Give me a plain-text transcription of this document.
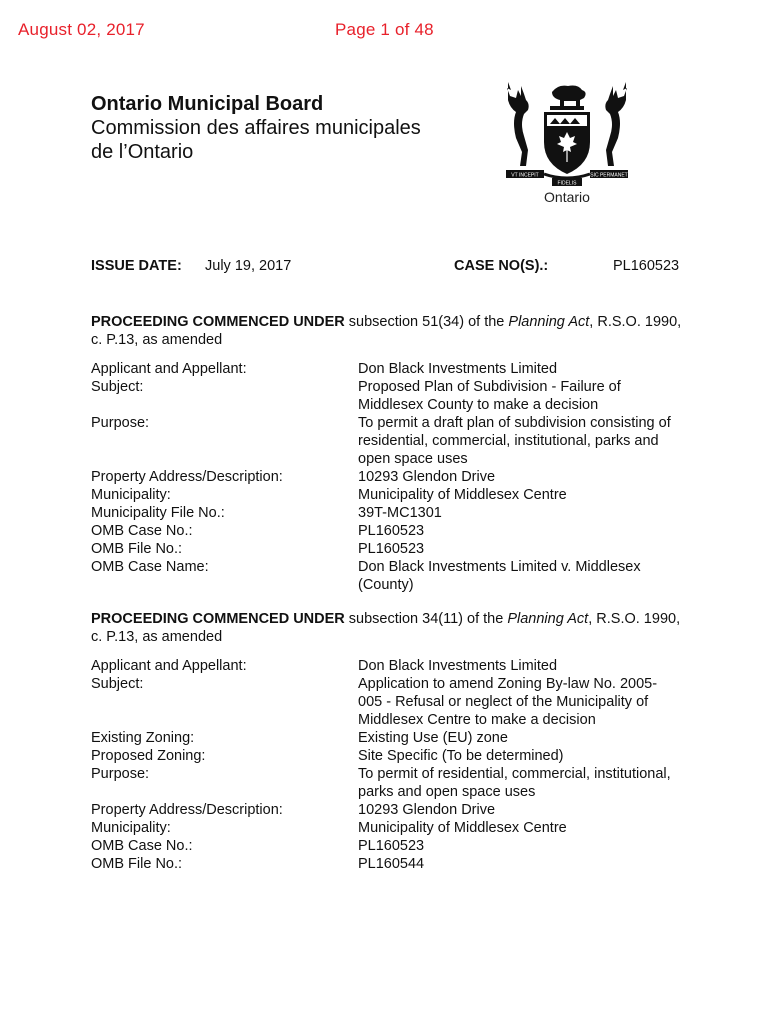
August 02, 2017	Page 1 of 48
Ontario Municipal Board
Commission des affaires municipales
de l’Ontario
VT INCEPIT	SIC PERMANET
FIDELIS
Ontario
ISSUE DATE: July 19, 2017	CASE NO(S).:	PL160523
PROCEEDING COMMENCED UNDER subsection 51(34) of the Planning Act, R.S.O. 1990, c. P.13, as amended
Applicant and Appellant:	Don Black Investments Limited
Subject:	Proposed Plan of Subdivision - Failure of Middlesex County to make a decision
Purpose:	To permit a draft plan of subdivision consisting of residential, commercial, institutional, parks and open space uses
Property Address/Description:	10293 Glendon Drive
Municipality:	Municipality of Middlesex Centre
Municipality File No.:	39T-MC1301
OMB Case No.:	PL160523
OMB File No.:	PL160523
OMB Case Name:	Don Black Investments Limited v. Middlesex (County)
PROCEEDING COMMENCED UNDER subsection 34(11) of the Planning Act, R.S.O. 1990, c. P.13, as amended
Applicant and Appellant:	Don Black Investments Limited
Subject:	Application to amend Zoning By-law No. 2005-005 - Refusal or neglect of the Municipality of Middlesex Centre to make a decision
Existing Zoning:	Existing Use (EU) zone
Proposed Zoning:	Site Specific (To be determined)
Purpose:	To permit of residential, commercial, institutional, parks and open space uses
Property Address/Description:	10293 Glendon Drive
Municipality:	Municipality of Middlesex Centre
OMB Case No.:	PL160523
OMB File No.:	PL160544
